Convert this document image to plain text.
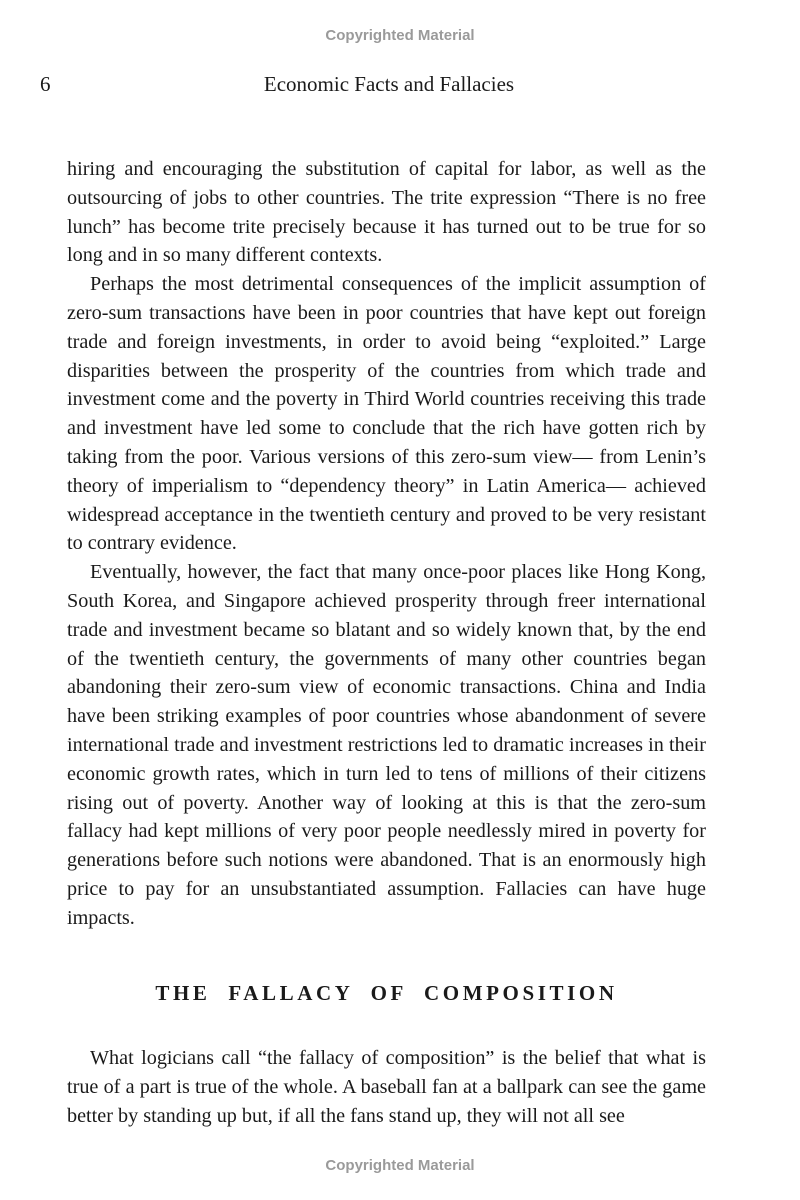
Copyrighted Material
6	Economic Facts and Fallacies

hiring and encouraging the substitution of capital for labor, as well as the outsourcing of jobs to other countries. The trite expression “There is no free lunch” has become trite precisely because it has turned out to be true for so long and in so many different contexts.

Perhaps the most detrimental consequences of the implicit assumption of zero-sum transactions have been in poor countries that have kept out foreign trade and foreign investments, in order to avoid being “exploited.” Large disparities between the prosperity of the countries from which trade and investment come and the poverty in Third World countries receiving this trade and investment have led some to conclude that the rich have gotten rich by taking from the poor. Various versions of this zero-sum view— from Lenin’s theory of imperialism to “dependency theory” in Latin America— achieved widespread acceptance in the twentieth century and proved to be very resistant to contrary evidence.

Eventually, however, the fact that many once-poor places like Hong Kong, South Korea, and Singapore achieved prosperity through freer international trade and investment became so blatant and so widely known that, by the end of the twentieth century, the governments of many other countries began abandoning their zero-sum view of economic transactions. China and India have been striking examples of poor countries whose abandonment of severe international trade and investment restrictions led to dramatic increases in their economic growth rates, which in turn led to tens of millions of their citizens rising out of poverty. Another way of looking at this is that the zero-sum fallacy had kept millions of very poor people needlessly mired in poverty for generations before such notions were abandoned. That is an enormously high price to pay for an unsubstantiated assumption. Fallacies can have huge impacts.

THE FALLACY OF COMPOSITION

What logicians call “the fallacy of composition” is the belief that what is true of a part is true of the whole. A baseball fan at a ballpark can see the game better by standing up but, if all the fans stand up, they will not all see

Copyrighted Material
